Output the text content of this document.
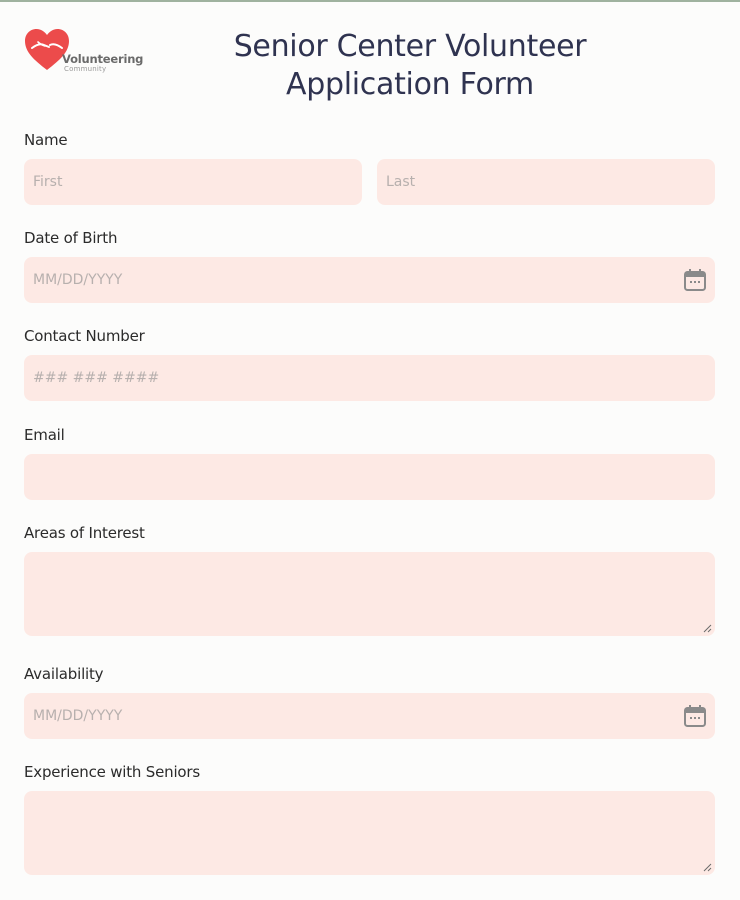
Volunteering
Community
Senior Center Volunteer
Application Form
Name
First	Last
Date of Birth
MM/DD/YYYY
Contact Number
### ### ####
Email
Areas of Interest
Availability
MM/DD/YYYY
Experience with Seniors
